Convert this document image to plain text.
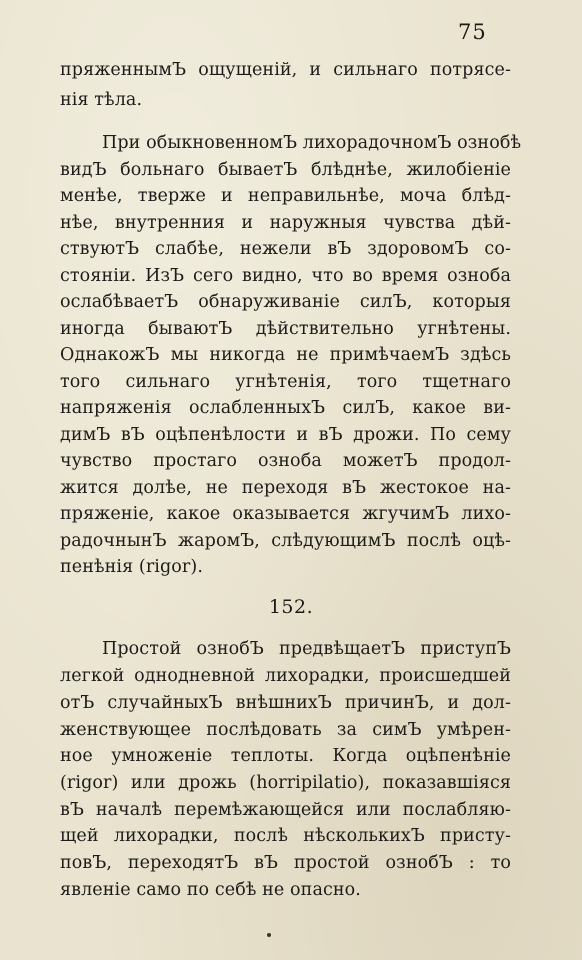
75
пряженнымЪ ощущеній, и сильнаго потрясе-
нія тѣла.
При обыкновенномЪ лихорадочномЪ ознобѣ
видЪ больнаго бываетЪ блѣднѣе, жилобіеніе
менѣе, тверже и неправильнѣе, моча блѣд-
нѣе, внутренния и наружныя чувства дѣй-
ствуютЪ слабѣе, нежели вЪ здоровомЪ со-
стояніи. ИзЪ сего видно, что во время озноба
ослабѣваетЪ обнаруживаніе силЪ, которыя
иногда бываютЪ дѣйствительно угнѣтены.
ОднакожЪ мы никогда не примѣчаемЪ здѣсь
того сильнаго угнѣтенія, того тщетнаго
напряженія ослабленныхЪ силЪ, какое ви-
димЪ вЪ оцѣпенѣлости и вЪ дрожи. По сему
чувство простаго озноба можетЪ продол-
жится долѣе, не переходя вЪ жестокое на-
пряженіе, какое оказывается жгучимЪ лихо-
радочнынЪ жаромЪ, слѣдующимЪ послѣ оцѣ-
пенѣнія (rigor).
152.
Простой ознобЪ предвѣщаетЪ приступЪ
легкой однодневной лихорадки, происшедшей
отЪ случайныхЪ внѣшнихЪ причинЪ, и дол-
женствующее послѣдовать за симЪ умѣрен-
ное умноженіе теплоты. Когда оцѣпенѣніе
(rigor) или дрожь (horripilatio), показавшіяся
вЪ началѣ перемѣжающейся или послабляю-
щей лихорадки, послѣ нѣсколькихЪ присту-
повЪ, переходятЪ вЪ простой ознобЪ : то
явленіе само по себѣ не опасно.
